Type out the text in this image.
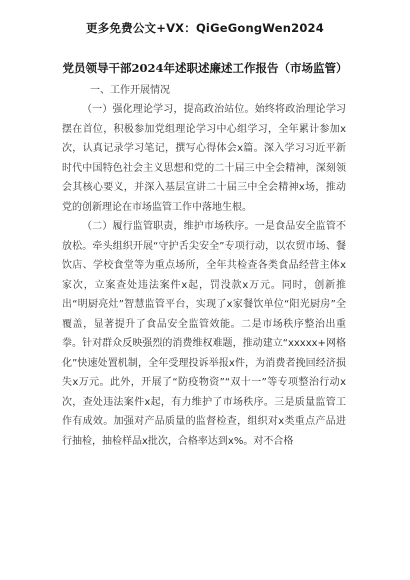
更多免费公文+VX：QiGeGongWen2024
党员领导干部2024年述职述廉述工作报告（市场监管）
一、工作开展情况

（一）强化理论学习，提高政治站位。始终将政治理论学习摆在首位，积极参加党组理论学习中心组学习，全年累计参加x次，认真记录学习笔记，撰写心得体会x篇。深入学习习近平新时代中国特色社会主义思想和党的二十届三中全会精神，深刻领会其核心要义，并深入基层宣讲二十届三中全会精神x场，推动党的创新理论在市场监管工作中落地生根。

（二）履行监管职责，维护市场秩序。一是食品安全监管不放松。牵头组织开展“守护舌尖安全”专项行动，以农贸市场、餐饮店、学校食堂等为重点场所，全年共检查各类食品经营主体x家次，立案查处违法案件x起，罚没款x万元。同时，创新推出“明厨亮灶”智慧监管平台，实现了x家餐饮单位“阳光厨房”全覆盖，显著提升了食品安全监管效能。二是市场秩序整治出重拳。针对群众反映强烈的消费维权难题，推动建立“xxxxx+网格化”快速处置机制，全年受理投诉举报x件，为消费者挽回经济损失x万元。此外，开展了“防疫物资”“双十一”等专项整治行动x次，查处违法案件x起，有力维护了市场秩序。三是质量监管工作有成效。加强对产品质量的监督检查，组织对x类重点产品进行抽检，抽检样品x批次，合格率达到x%。对不合格
